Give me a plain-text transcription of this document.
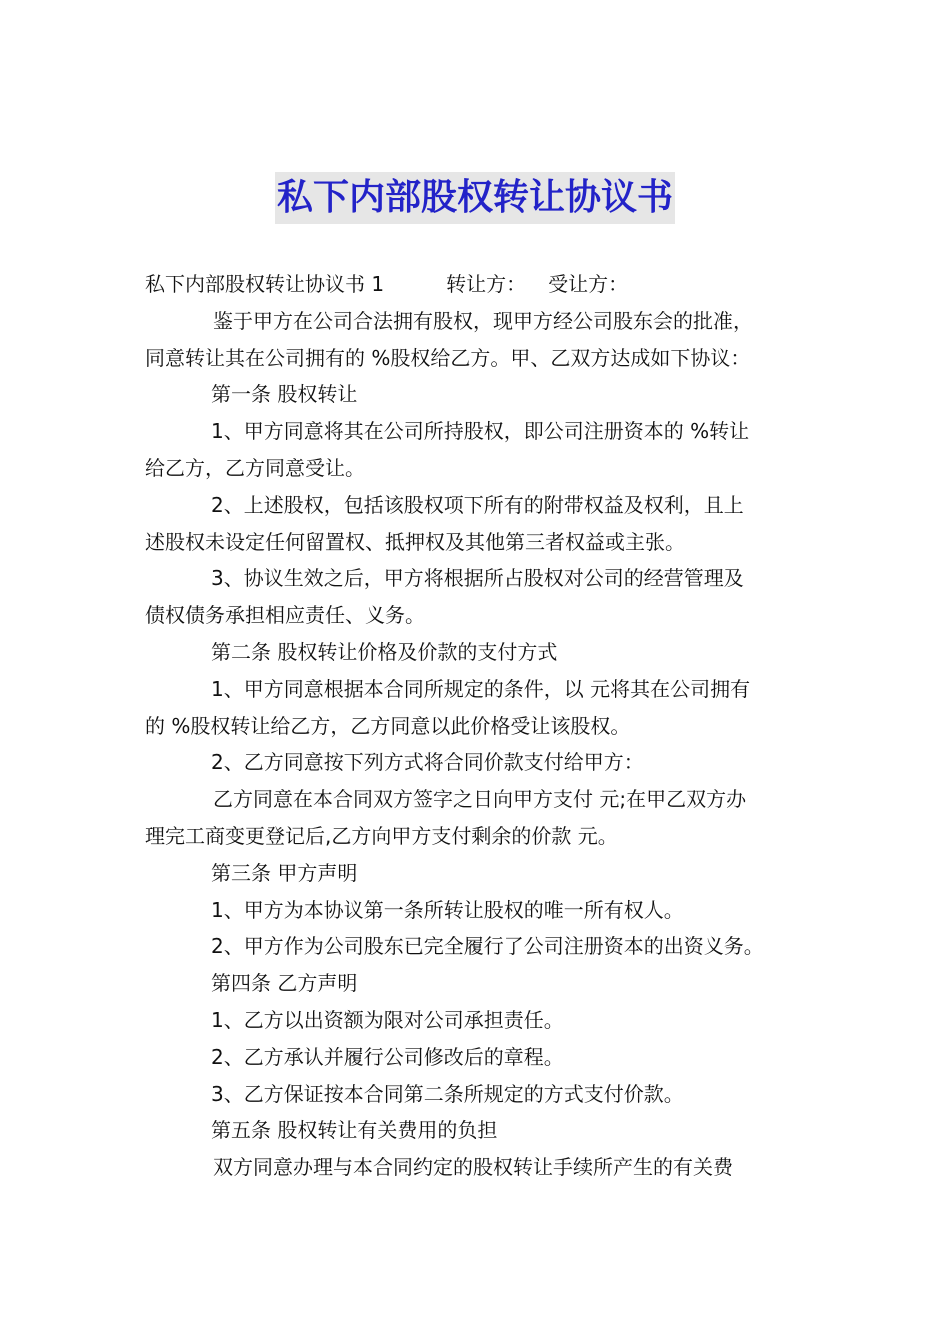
私下内部股权转让协议书
私下内部股权转让协议书 1	转让方： 受让方：
鉴于甲方在公司合法拥有股权，现甲方经公司股东会的批准，
同意转让其在公司拥有的 %股权给乙方。甲、乙双方达成如下协议：
第一条 股权转让
1、甲方同意将其在公司所持股权，即公司注册资本的 %转让
给乙方，乙方同意受让。
2、上述股权，包括该股权项下所有的附带权益及权利，且上
述股权未设定任何留置权、抵押权及其他第三者权益或主张。
3、协议生效之后，甲方将根据所占股权对公司的经营管理及
债权债务承担相应责任、义务。
第二条 股权转让价格及价款的支付方式
1、甲方同意根据本合同所规定的条件，以 元将其在公司拥有
的 %股权转让给乙方，乙方同意以此价格受让该股权。
2、乙方同意按下列方式将合同价款支付给甲方：
乙方同意在本合同双方签字之日向甲方支付 元;在甲乙双方办
理完工商变更登记后,乙方向甲方支付剩余的价款 元。
第三条 甲方声明
1、甲方为本协议第一条所转让股权的唯一所有权人。
2、甲方作为公司股东已完全履行了公司注册资本的出资义务。
第四条 乙方声明
1、乙方以出资额为限对公司承担责任。
2、乙方承认并履行公司修改后的章程。
3、乙方保证按本合同第二条所规定的方式支付价款。
第五条 股权转让有关费用的负担
双方同意办理与本合同约定的股权转让手续所产生的有关费
